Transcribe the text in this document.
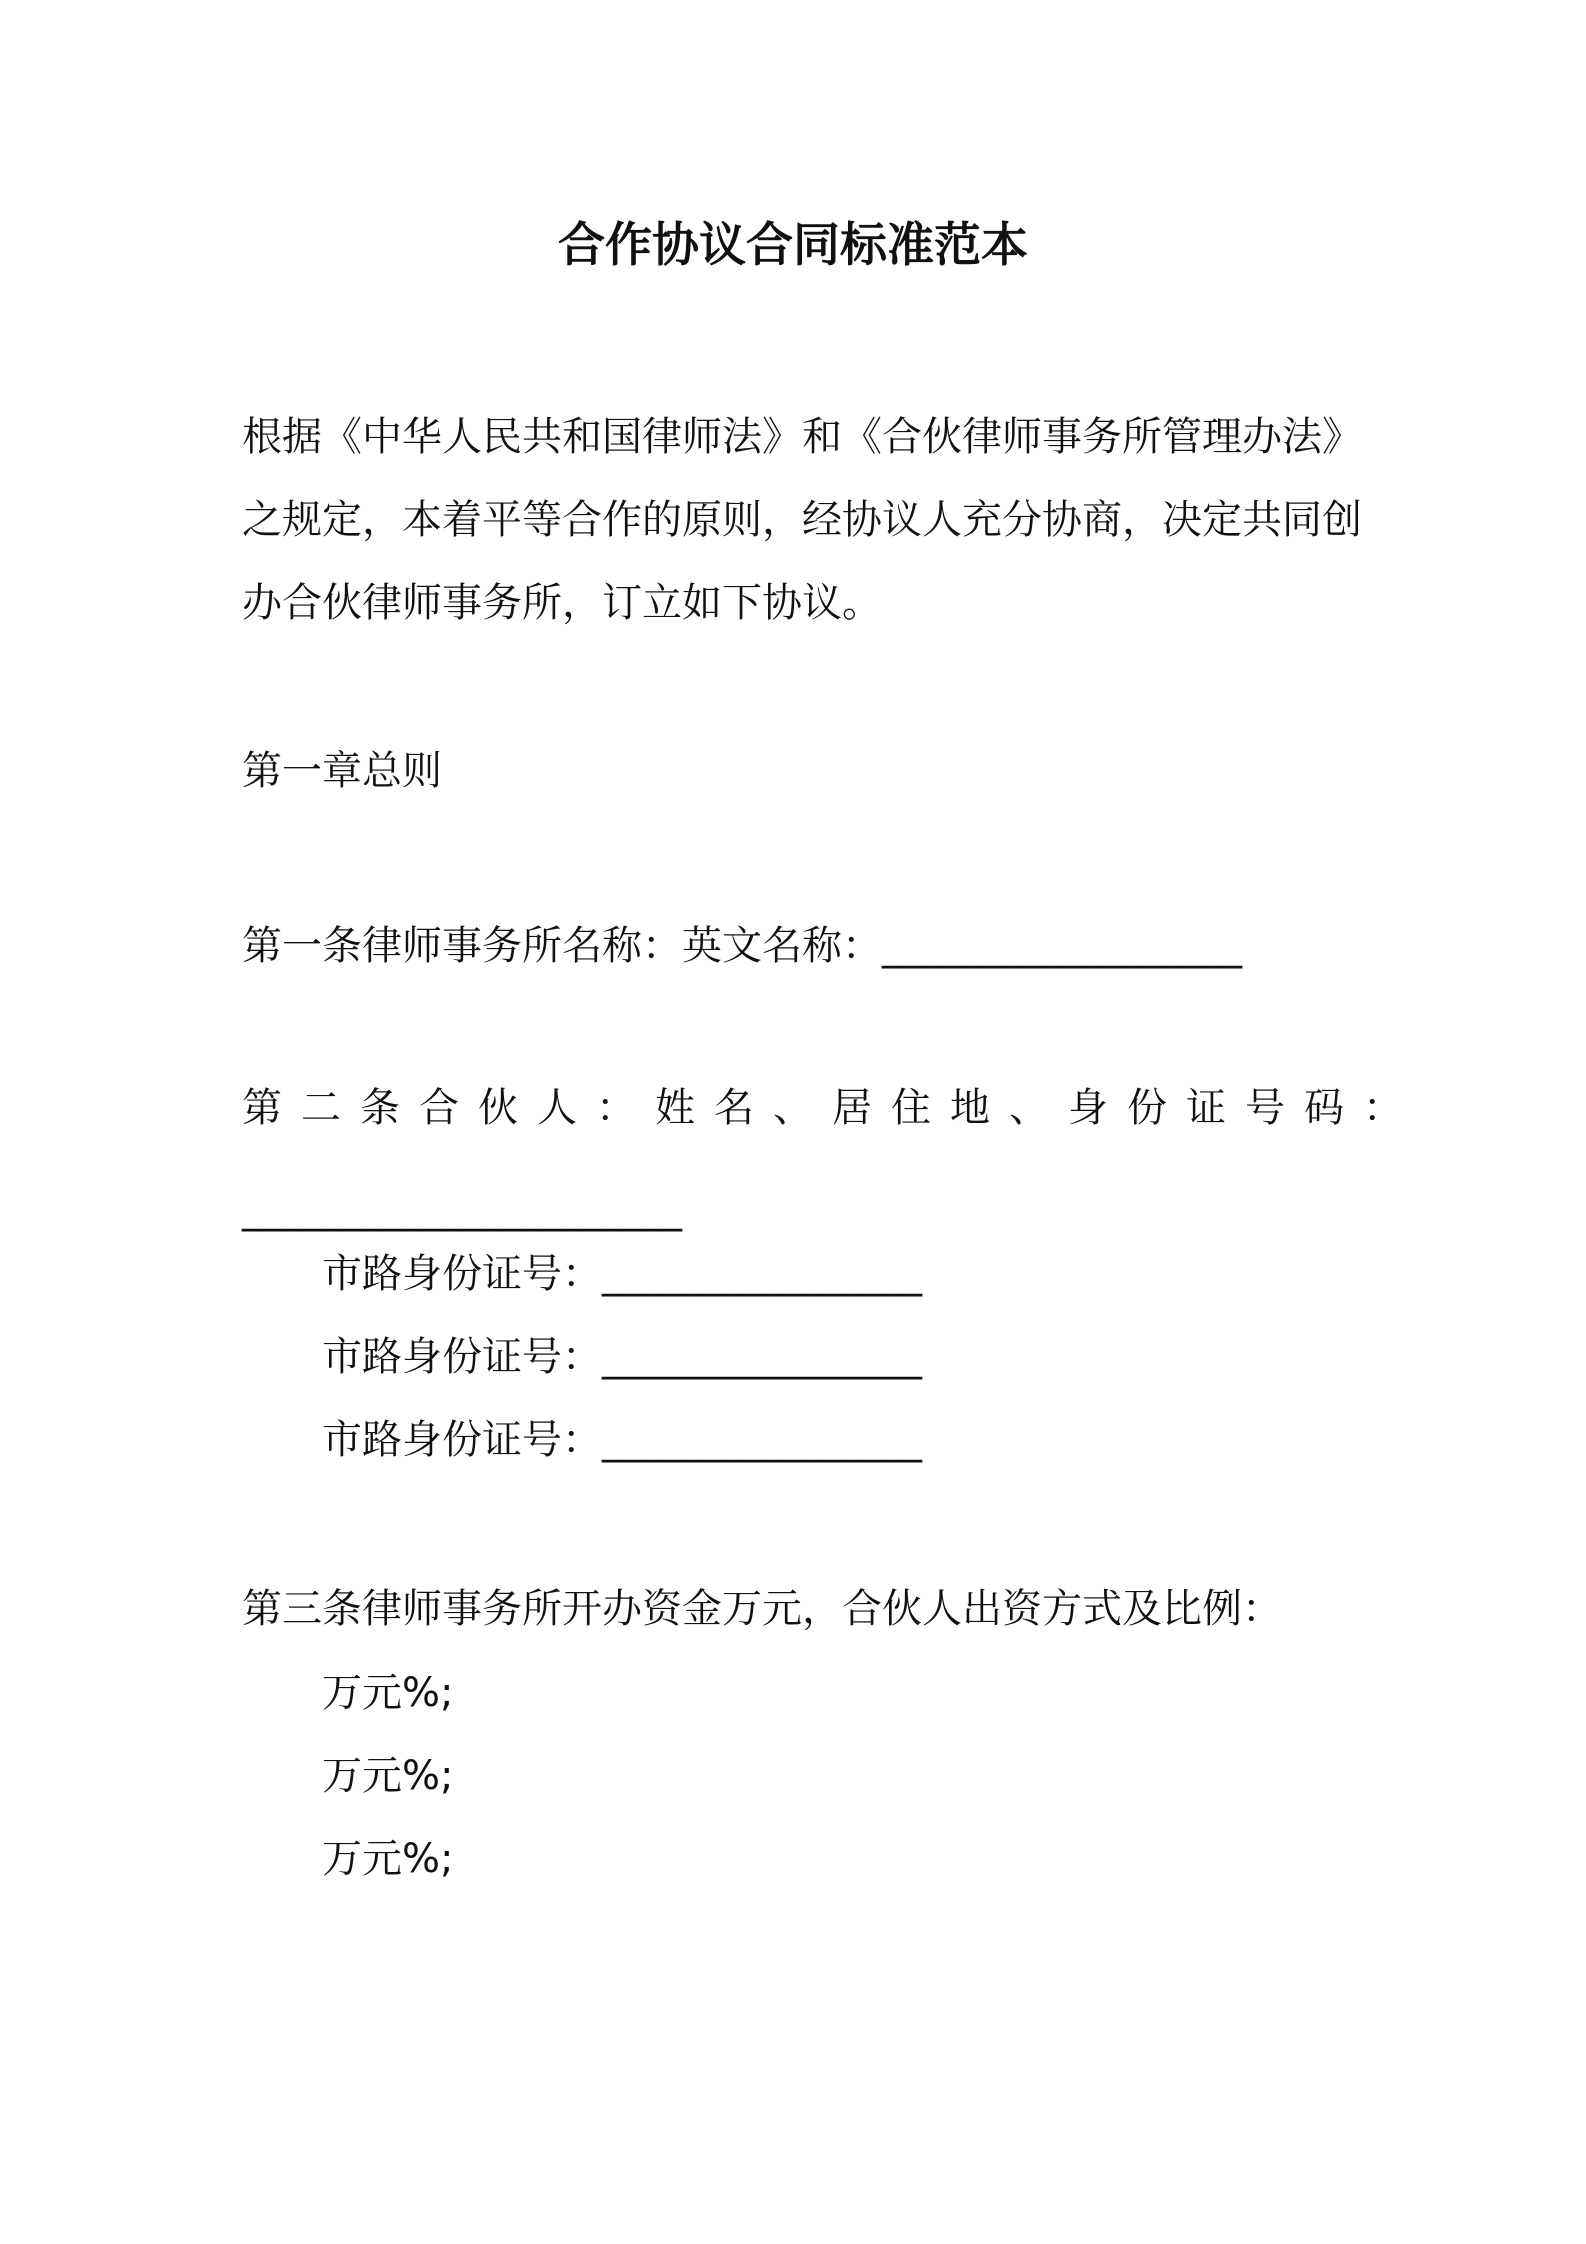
合作协议合同标准范本
根据《中华人民共和国律师法》和《合伙律师事务所管理办法》
之规定，本着平等合作的原则，经协议人充分协商，决定共同创
办合伙律师事务所，订立如下协议。
第一章总则
第一条律师事务所名称：英文名称：__________________
第二条合伙人：姓名、居住地、身份证号码：
______________________
市路身份证号：________________
市路身份证号：________________
市路身份证号：________________
第三条律师事务所开办资金万元，合伙人出资方式及比例：
万元%;
万元%;
万元%;
